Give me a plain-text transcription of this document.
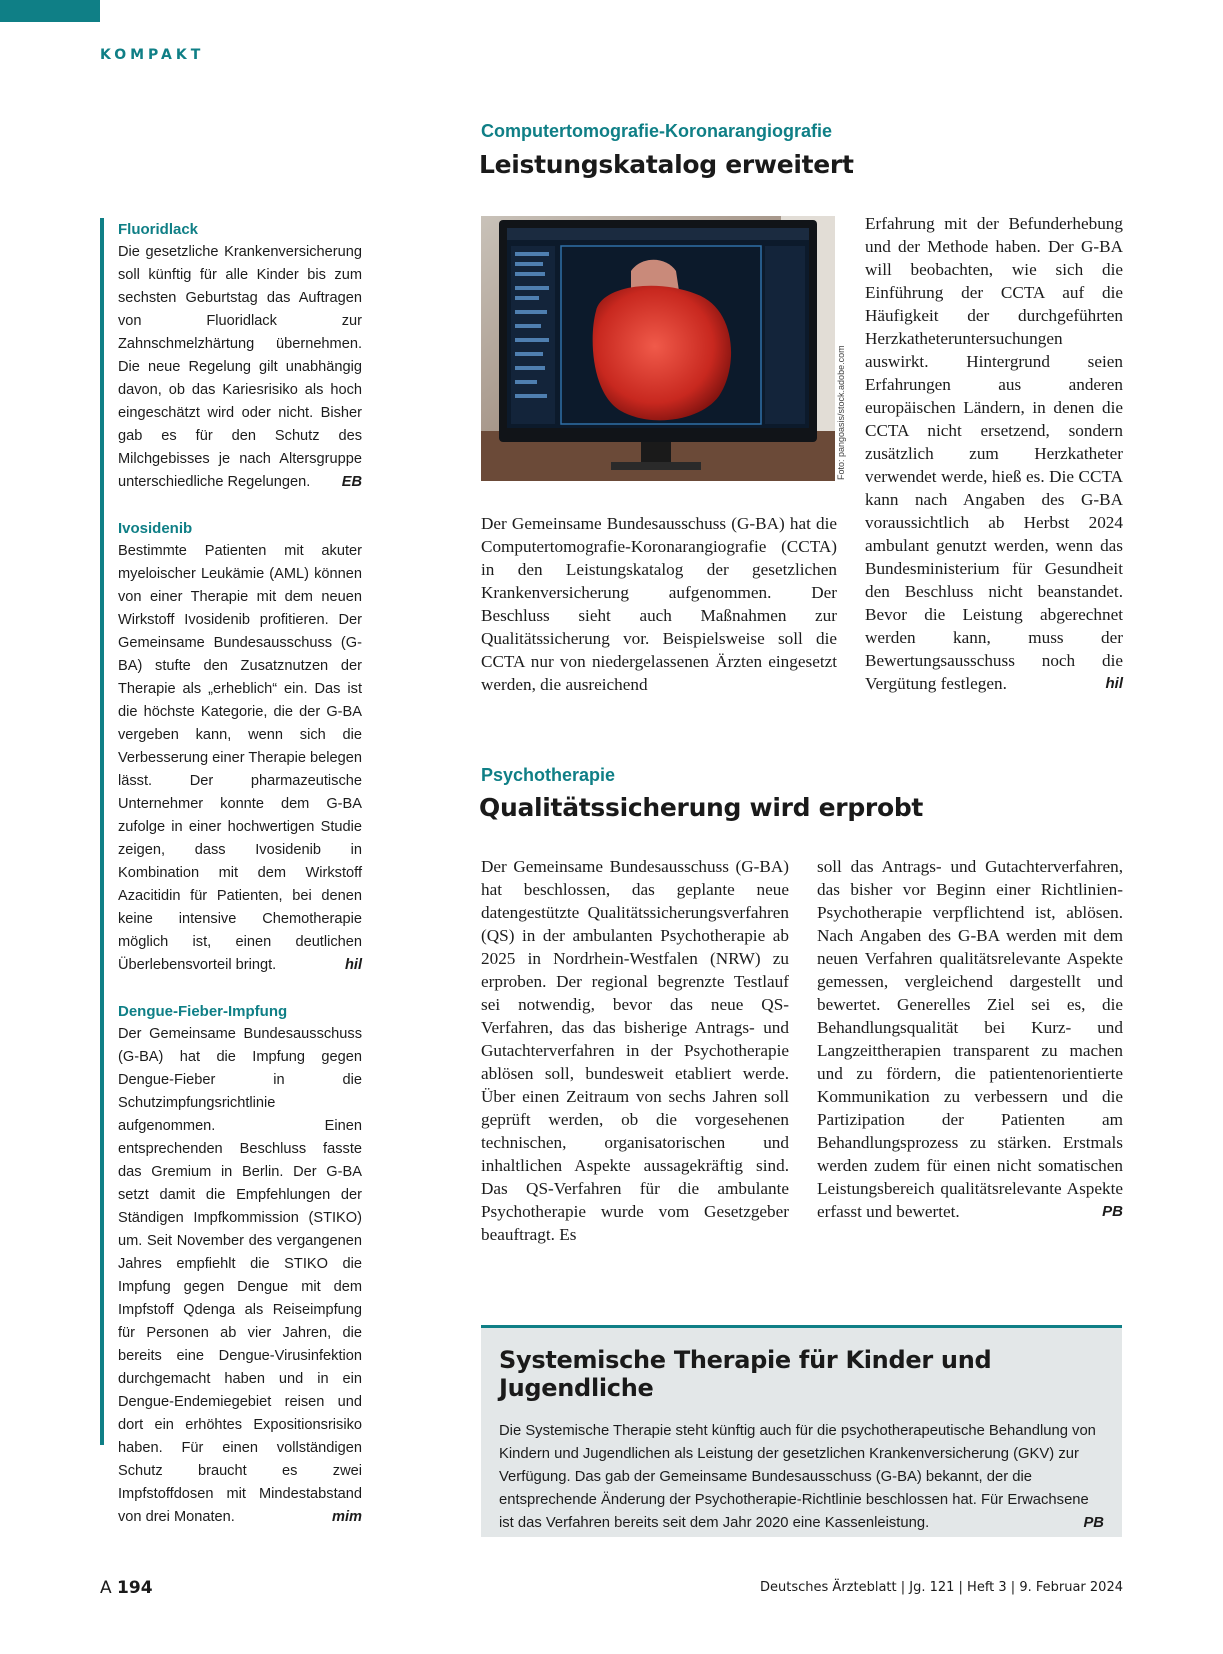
KOMPAKT
Fluoridlack
Die gesetzliche Krankenversicherung soll künftig für alle Kinder bis zum sechsten Geburtstag das Auftragen von Fluoridlack zur Zahnschmelzhärtung übernehmen. Die neue Regelung gilt unabhängig davon, ob das Kariesrisiko als hoch eingeschätzt wird oder nicht. Bisher gab es für den Schutz des Milchgebisses je nach Altersgruppe unterschiedliche Regelungen. EB
Ivosidenib
Bestimmte Patienten mit akuter myeloischer Leukämie (AML) können von einer Therapie mit dem neuen Wirkstoff Ivosidenib profitieren. Der Gemeinsame Bundesausschuss (G-BA) stufte den Zusatznutzen der Therapie als „erheblich“ ein. Das ist die höchste Kategorie, die der G-BA vergeben kann, wenn sich die Verbesserung einer Therapie belegen lässt. Der pharmazeutische Unternehmer konnte dem G-BA zufolge in einer hochwertigen Studie zeigen, dass Ivosidenib in Kombination mit dem Wirkstoff Azacitidin für Patienten, bei denen keine intensive Chemotherapie möglich ist, einen deutlichen Überlebensvorteil bringt.	hil
Dengue-Fieber-Impfung
Der Gemeinsame Bundesausschuss (G-BA) hat die Impfung gegen Dengue-Fieber in die Schutzimpfungsrichtlinie aufgenommen. Einen entsprechenden Beschluss fasste das Gremium in Berlin. Der G-BA setzt damit die Empfehlungen der Ständigen Impfkommission (STIKO) um. Seit November des vergangenen Jahres empfiehlt die STIKO die Impfung gegen Dengue mit dem Impfstoff Qdenga als Reiseimpfung für Personen ab vier Jahren, die bereits eine Dengue-Virusinfektion durchgemacht haben und in ein Dengue-Endemiegebiet reisen und dort ein erhöhtes Expositionsrisiko haben. Für einen vollständigen Schutz braucht es zwei Impfstoffdosen mit Mindestabstand von drei Monaten.	mim
Computertomografie-Koronarangiografie
Leistungskatalog erweitert
Foto: pangoasis/stock.adobe.com
Der Gemeinsame Bundesausschuss (G-BA) hat die Computertomografie-Koronarangiografie (CCTA) in den Leistungskatalog der gesetzlichen Krankenversicherung aufgenommen. Der Beschluss sieht auch Maßnahmen zur Qualitätssicherung vor. Beispielsweise soll die CCTA nur von niedergelassenen Ärzten eingesetzt werden, die ausreichend
Erfahrung mit der Befunderhebung und der Methode haben. Der G-BA will beobachten, wie sich die Einführung der CCTA auf die Häufigkeit der durchgeführten Herzkatheteruntersuchungen auswirkt. Hintergrund seien Erfahrungen aus anderen europäischen Ländern, in denen die CCTA nicht ersetzend, sondern zusätzlich zum Herzkatheter verwendet werde, hieß es. Die CCTA kann nach Angaben des G-BA voraussichtlich ab Herbst 2024 ambulant genutzt werden, wenn das Bundesministerium für Gesundheit den Beschluss nicht beanstandet. Bevor die Leistung abgerechnet werden kann, muss der Bewertungsausschuss noch die Vergütung festlegen.	hil
Psychotherapie
Qualitätssicherung wird erprobt
Der Gemeinsame Bundesausschuss (G-BA) hat beschlossen, das geplante neue datengestützte Qualitätssicherungsverfahren (QS) in der ambulanten Psychotherapie ab 2025 in Nordrhein-Westfalen (NRW) zu erproben. Der regional begrenzte Testlauf sei notwendig, bevor das neue QS-Verfahren, das das bisherige Antrags- und Gutachterverfahren in der Psychotherapie ablösen soll, bundesweit etabliert werde. Über einen Zeitraum von sechs Jahren soll geprüft werden, ob die vorgesehenen technischen, organisatorischen und inhaltlichen Aspekte aussagekräftig sind. Das QS-Verfahren für die ambulante Psychotherapie wurde vom Gesetzgeber beauftragt. Es
soll das Antrags- und Gutachterverfahren, das bisher vor Beginn einer Richtlinien-Psychotherapie verpflichtend ist, ablösen. Nach Angaben des G-BA werden mit dem neuen Verfahren qualitätsrelevante Aspekte gemessen, vergleichend dargestellt und bewertet. Generelles Ziel sei es, die Behandlungsqualität bei Kurz- und Langzeittherapien transparent zu machen und zu fördern, die patientenorientierte Kommunikation zu verbessern und die Partizipation der Patienten am Behandlungsprozess zu stärken. Erstmals werden zudem für einen nicht somatischen Leistungsbereich qualitätsrelevante Aspekte erfasst und bewertet.	PB
Systemische Therapie für Kinder und Jugendliche
Die Systemische Therapie steht künftig auch für die psychotherapeutische Behandlung von Kindern und Jugendlichen als Leistung der gesetzlichen Krankenversicherung (GKV) zur Verfügung. Das gab der Gemeinsame Bundesausschuss (G-BA) bekannt, der die entsprechende Änderung der Psychotherapie-Richtlinie beschlossen hat. Für Erwachsene ist das Verfahren bereits seit dem Jahr 2020 eine Kassenleistung.	PB
A 194	Deutsches Ärzteblatt | Jg. 121 | Heft 3 | 9. Februar 2024
